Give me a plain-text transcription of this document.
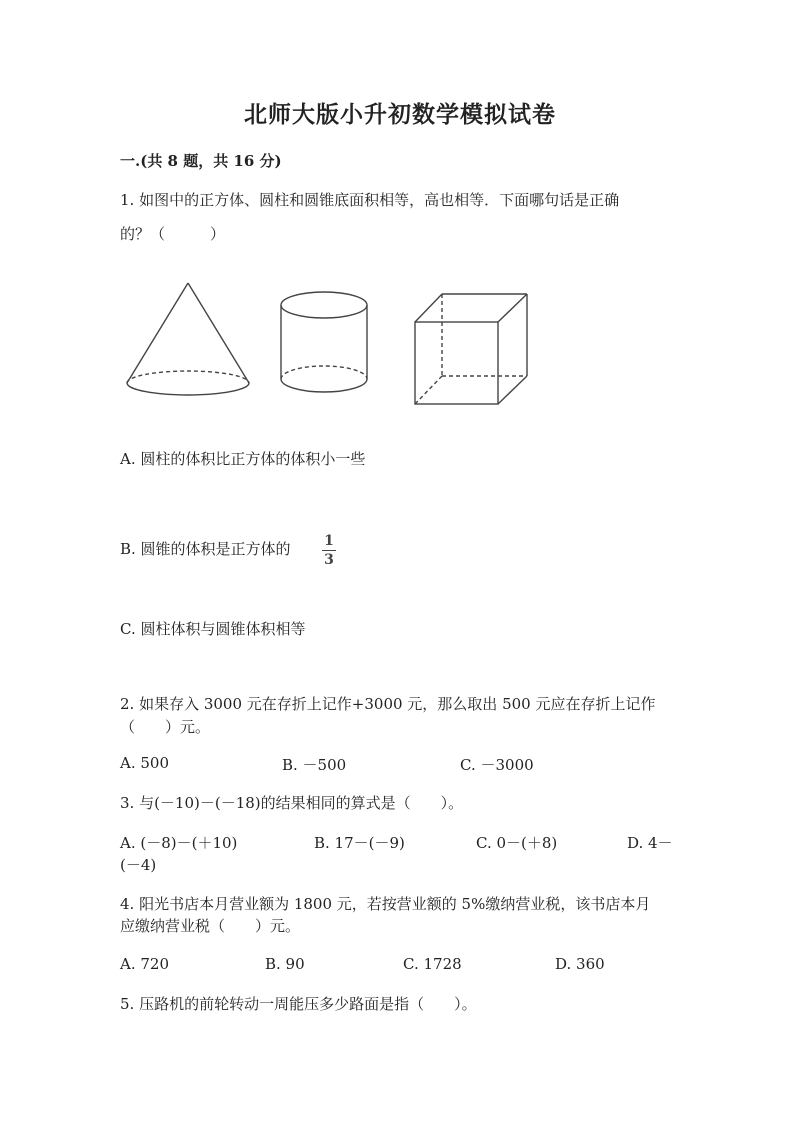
北师大版小升初数学模拟试卷
一.(共 8 题，共 16 分)
1. 如图中的正方体、圆柱和圆锥底面积相等，高也相等．下面哪句话是正确
的？（　　　）
A. 圆柱的体积比正方体的体积小一些
B. 圆锥的体积是正方体的 1
3
C. 圆柱体积与圆锥体积相等
2. 如果存入 3000 元在存折上记作+3000 元，那么取出 500 元应在存折上记作
（　　）元。
A. 500	B. －500	C. －3000
3. 与(－10)－(－18)的结果相同的算式是（　　）。
A. (－8)－(＋10)	B. 17－(－9)	C. 0－(＋8)	D. 4－
(－4)
4. 阳光书店本月营业额为 1800 元，若按营业额的 5%缴纳营业税，该书店本月
应缴纳营业税（　　）元。
A. 720	B. 90	C. 1728	D. 360
5. 压路机的前轮转动一周能压多少路面是指（　　）。
